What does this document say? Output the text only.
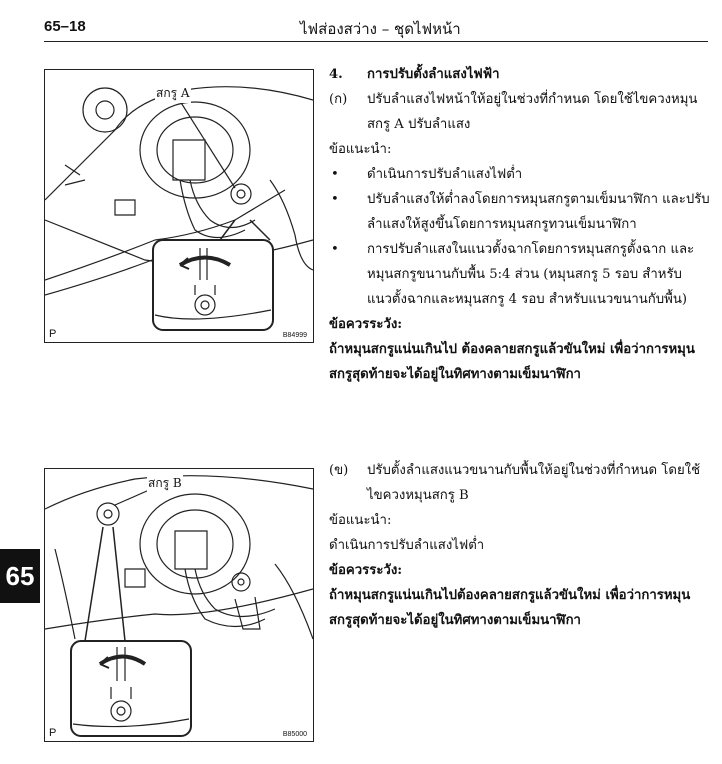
65–18	ไฟส่องสว่าง – ชุดไฟหน้า
65
สกรู A
P	B84999
สกรู B
P	B85000
4. การปรับตั้งลำแสงไฟฟ้า
(ก) ปรับลำแสงไฟหน้าให้อยู่ในช่วงที่กำหนด โดยใช้ไขควงหมุน
สกรู A ปรับลำแสง
ข้อแนะนำ:
• ดำเนินการปรับลำแสงไฟต่ำ
• ปรับลำแสงให้ต่ำลงโดยการหมุนสกรูตามเข็มนาฬิกา และปรับ
ลำแสงให้สูงขึ้นโดยการหมุนสกรูทวนเข็มนาฬิกา
• การปรับลำแสงในแนวตั้งฉากโดยการหมุนสกรูตั้งฉาก และ
หมุนสกรูขนานกับพื้น 5:4 ส่วน (หมุนสกรู 5 รอบ สำหรับ
แนวตั้งฉากและหมุนสกรู 4 รอบ สำหรับแนวขนานกับพื้น)
ข้อควรระวัง:
ถ้าหมุนสกรูแน่นเกินไป ต้องคลายสกรูแล้วขันใหม่ เพื่อว่าการหมุน
สกรูสุดท้ายจะได้อยู่ในทิศทางตามเข็มนาฬิกา
(ข) ปรับตั้งลำแสงแนวขนานกับพื้นให้อยู่ในช่วงที่กำหนด โดยใช้
ไขควงหมุนสกรู B
ข้อแนะนำ:
ดำเนินการปรับลำแสงไฟต่ำ
ข้อควรระวัง:
ถ้าหมุนสกรูแน่นเกินไปต้องคลายสกรูแล้วขันใหม่ เพื่อว่าการหมุน
สกรูสุดท้ายจะได้อยู่ในทิศทางตามเข็มนาฬิกา
